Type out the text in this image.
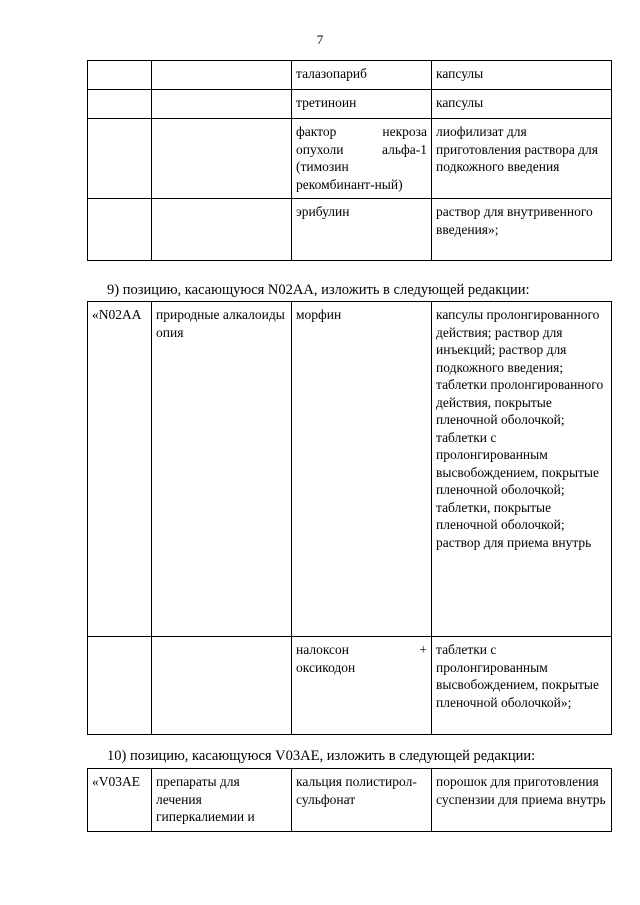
7
		талазопариб	капсулы
		третиноин	капсулы

		фактор некроза
опухоли альфа-1
(тимозин
рекомбинант-ный)	лиофилизат для приготовления раствора для подкожного введения
		эрибулин	раствор для внутривенного введения»;
9) позицию, касающуюся N02AA, изложить в следующей редакции:
«N02AA	природные алкалоиды опия	морфин	капсулы пролонгированного действия; раствор для инъекций; раствор для подкожного введения; таблетки пролонгированного действия, покрытые пленочной оболочкой; таблетки с пролонгированным высвобождением, покрытые пленочной оболочкой; таблетки, покрытые пленочной оболочкой; раствор для приема внутрь

		налоксон +
оксикодон	таблетки с пролонгированным высвобождением, покрытые пленочной оболочкой»;
10) позицию, касающуюся V03AE, изложить в следующей редакции:
«V03AE	препараты для лечения гиперкалиемии и	кальция полистирол-сульфонат	порошок для приготовления суспензии для приема внутрь
